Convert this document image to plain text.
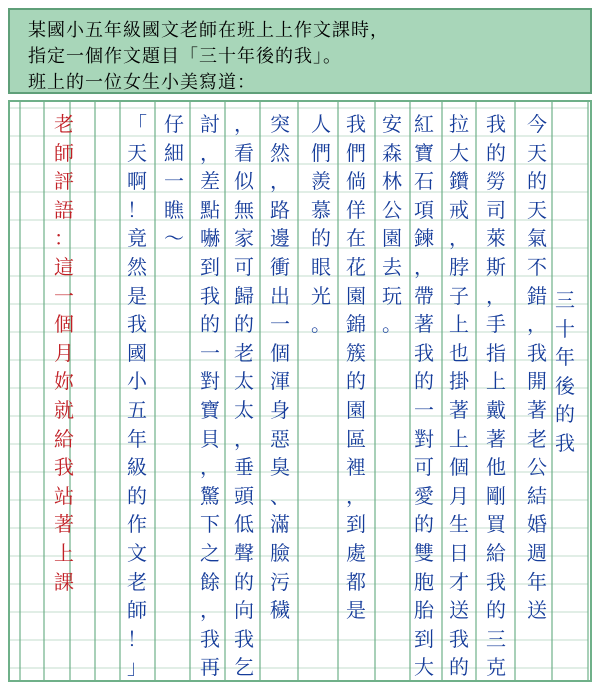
某國小五年級國文老師在班上上作文課時，
指定一個作文題目「三十年後的我」。
班上的一位女生小美寫道：
三
十
年
後
的
我
今
天
的
天
氣
不
錯
，
我
開
著
老
公
結
婚
週
年
送
我
的
勞
司
萊
斯
，
手
指
上
戴
著
他
剛
買
給
我
的
三
克
拉
大
鑽
戒
，
脖
子
上
也
掛
著
上
個
月
生
日
才
送
我
的
紅
寶
石
項
鍊
，
帶
著
我
的
一
對
可
愛
的
雙
胞
胎
到
大
安
森
林
公
園
去
玩
。
我
們
倘
佯
在
花
園
錦
簇
的
園
區
裡
，
到
處
都
是
人
們
羨
慕
的
眼
光
。
突
然
，
路
邊
衝
出
一
個
渾
身
惡
臭
、
滿
臉
污
穢
，
看
似
無
家
可
歸
的
老
太
太
，
垂
頭
低
聲
的
向
我
乞
討
，
差
點
嚇
到
我
的
一
對
寶
貝
，
驚
下
之
餘
，
我
再
仔
細
一
瞧
～
「
天
啊
！
竟
然
是
我
國
小
五
年
級
的
作
文
老
師
！
」
老
師
評
語
：
這
一
個
月
妳
就
給
我
站
著
上
課
